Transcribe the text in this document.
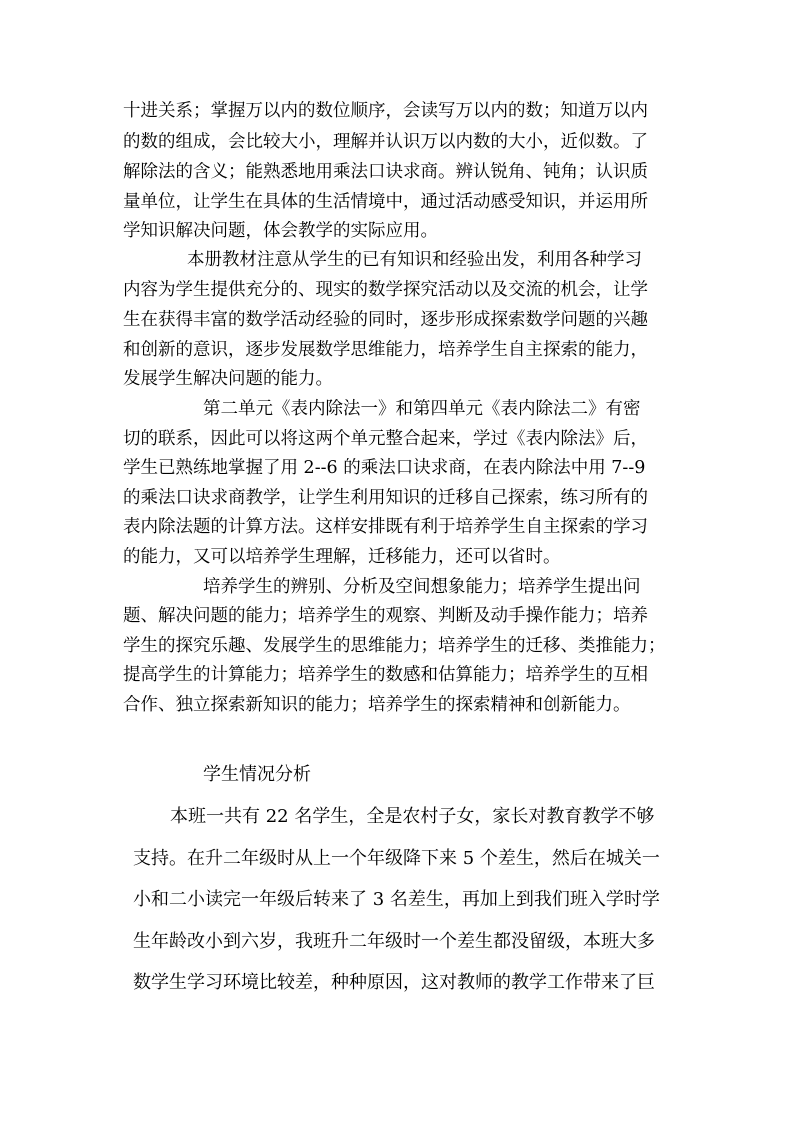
十进关系；掌握万以内的数位顺序，会读写万以内的数；知道万以内
的数的组成，会比较大小，理解并认识万以内数的大小，近似数。了
解除法的含义；能熟悉地用乘法口诀求商。辨认锐角、钝角；认识质
量单位，让学生在具体的生活情境中，通过活动感受知识，并运用所
学知识解决问题，体会教学的实际应用。
本册教材注意从学生的已有知识和经验出发，利用各种学习
内容为学生提供充分的、现实的数学探究活动以及交流的机会，让学
生在获得丰富的数学活动经验的同时，逐步形成探索数学问题的兴趣
和创新的意识，逐步发展数学思维能力，培养学生自主探索的能力，
发展学生解决问题的能力。
第二单元《表内除法一》和第四单元《表内除法二》有密
切的联系，因此可以将这两个单元整合起来，学过《表内除法》后，
学生已熟练地掌握了用 2--6 的乘法口诀求商，在表内除法中用 7--9
的乘法口诀求商教学，让学生利用知识的迁移自己探索，练习所有的
表内除法题的计算方法。这样安排既有利于培养学生自主探索的学习
的能力，又可以培养学生理解，迁移能力，还可以省时。
培养学生的辨别、分析及空间想象能力；培养学生提出问
题、解决问题的能力；培养学生的观察、判断及动手操作能力；培养
学生的探究乐趣、发展学生的思维能力；培养学生的迁移、类推能力；
提高学生的计算能力；培养学生的数感和估算能力；培养学生的互相
合作、独立探索新知识的能力；培养学生的探索精神和创新能力。
学生情况分析
本班一共有 22 名学生，全是农村子女，家长对教育教学不够
支持。在升二年级时从上一个年级降下来 5 个差生，然后在城关一
小和二小读完一年级后转来了 3 名差生，再加上到我们班入学时学
生年龄改小到六岁，我班升二年级时一个差生都没留级，本班大多
数学生学习环境比较差，种种原因，这对教师的教学工作带来了巨
